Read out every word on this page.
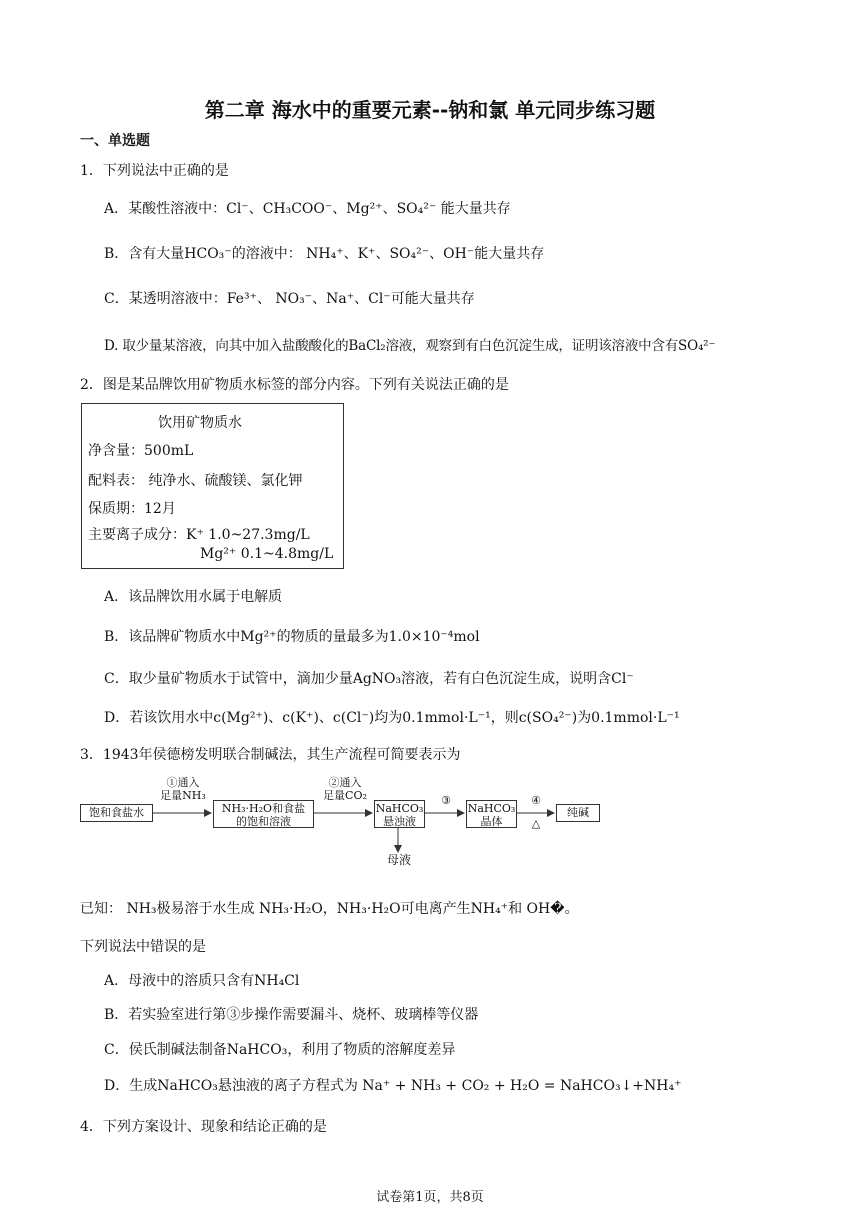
第二章 海水中的重要元素--钠和氯 单元同步练习题
一、单选题
1．下列说法中正确的是
A．某酸性溶液中：Cl⁻、CH₃COO⁻、Mg²⁺、SO₄²⁻ 能大量共存
B．含有大量HCO₃⁻的溶液中： NH₄⁺、K⁺、SO₄²⁻、OH⁻能大量共存
C．某透明溶液中：Fe³⁺、 NO₃⁻、Na⁺、Cl⁻可能大量共存
D. 取少量某溶液，向其中加入盐酸酸化的BaCl₂溶液，观察到有白色沉淀生成，证明该溶液中含有SO₄²⁻
2．图是某品牌饮用矿物质水标签的部分内容。下列有关说法正确的是
饮用矿物质水
净含量：500mL
配料表： 纯净水、硫酸镁、氯化钾
保质期：12月
主要离子成分：K⁺ 1.0~27.3mg/L
Mg²⁺ 0.1~4.8mg/L
A．该品牌饮用水属于电解质
B．该品牌矿物质水中Mg²⁺的物质的量最多为1.0×10⁻⁴mol
C．取少量矿物质水于试管中，滴加少量AgNO₃溶液，若有白色沉淀生成，说明含Cl⁻
D．若该饮用水中c(Mg²⁺)、c(K⁺)、c(Cl⁻)均为0.1mmol·L⁻¹，则c(SO₄²⁻)为0.1mmol·L⁻¹
3．1943年侯德榜发明联合制碱法，其生产流程可简要表示为
饱和食盐水
①通入
足量NH₃
NH₃·H₂O和食盐
的饱和溶液
②通入
足量CO₂
NaHCO₃
悬浊液
③
NaHCO₃
晶体
④
△
纯碱
母液
已知： NH₃极易溶于水生成 NH₃·H₂O，NH₃·H₂O可电离产生NH₄⁺和 OH�。
下列说法中错误的是
A．母液中的溶质只含有NH₄Cl
B．若实验室进行第③步操作需要漏斗、烧杯、玻璃棒等仪器
C．侯氏制碱法制备NaHCO₃，利用了物质的溶解度差异
D．生成NaHCO₃悬浊液的离子方程式为 Na⁺ + NH₃ + CO₂ + H₂O = NaHCO₃↓+NH₄⁺
4．下列方案设计、现象和结论正确的是
试卷第1页，共8页
